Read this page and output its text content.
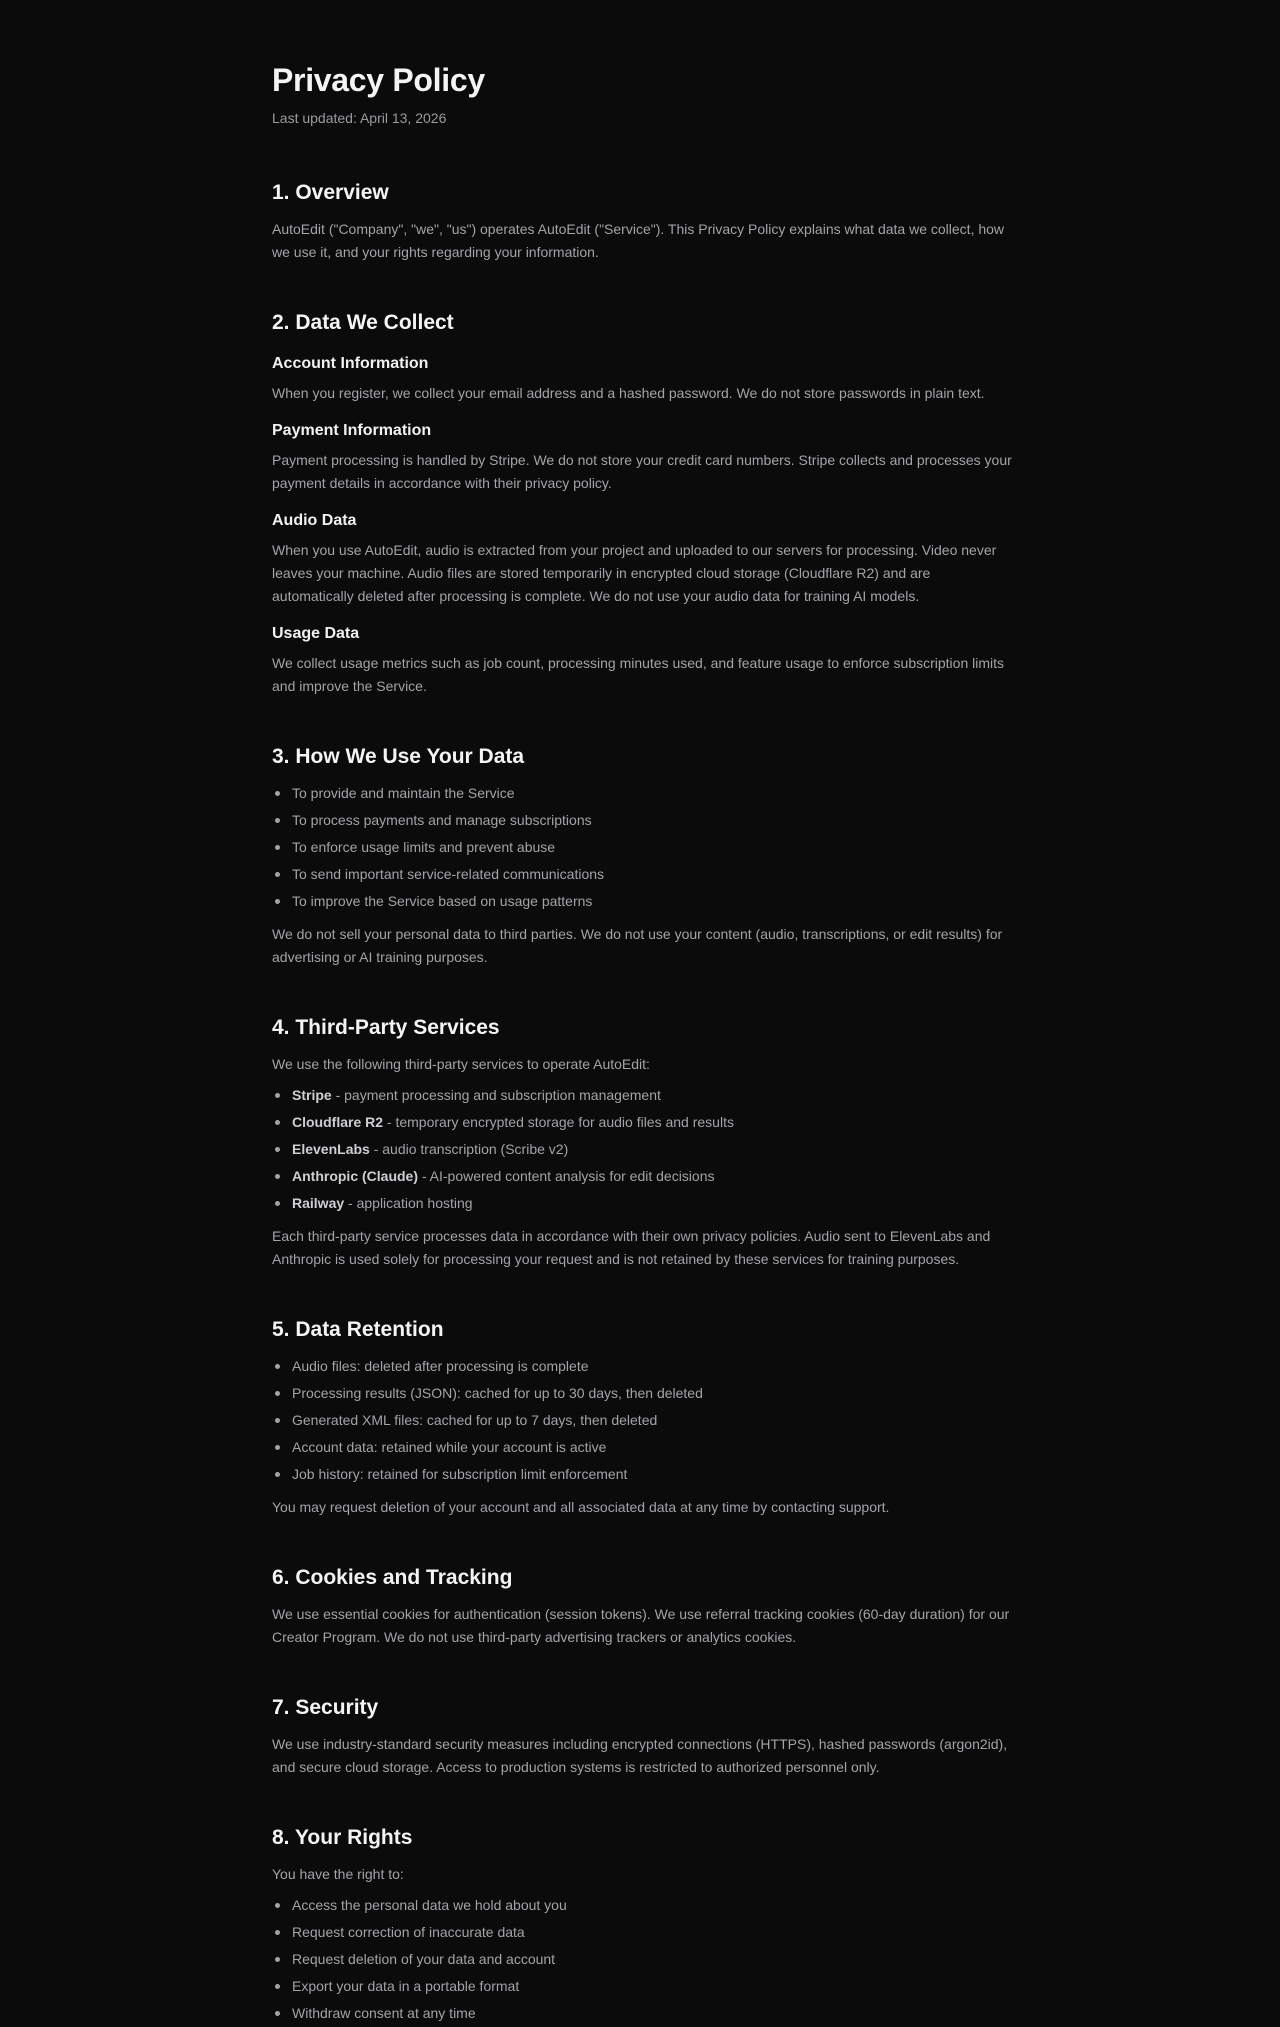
Privacy Policy
Last updated: April 13, 2026
1. Overview

AutoEdit ("Company", "we", "us") operates AutoEdit ("Service"). This Privacy Policy explains what data we collect, how we use it, and your rights regarding your information.

2. Data We Collect
Account Information

When you register, we collect your email address and a hashed password. We do not store passwords in plain text.

Payment Information

Payment processing is handled by Stripe. We do not store your credit card numbers. Stripe collects and processes your payment details in accordance with their privacy policy.

Audio Data

When you use AutoEdit, audio is extracted from your project and uploaded to our servers for processing. Video never leaves your machine. Audio files are stored temporarily in encrypted cloud storage (Cloudflare R2) and are automatically deleted after processing is complete. We do not use your audio data for training AI models.

Usage Data

We collect usage metrics such as job count, processing minutes used, and feature usage to enforce subscription limits and improve the Service.

3. How We Use Your Data
To provide and maintain the Service
To process payments and manage subscriptions
To enforce usage limits and prevent abuse
To send important service-related communications
To improve the Service based on usage patterns

We do not sell your personal data to third parties. We do not use your content (audio, transcriptions, or edit results) for advertising or AI training purposes.

4. Third-Party Services

We use the following third-party services to operate AutoEdit:

Stripe - payment processing and subscription management
Cloudflare R2 - temporary encrypted storage for audio files and results
ElevenLabs - audio transcription (Scribe v2)
Anthropic (Claude) - AI-powered content analysis for edit decisions
Railway - application hosting

Each third-party service processes data in accordance with their own privacy policies. Audio sent to ElevenLabs and Anthropic is used solely for processing your request and is not retained by these services for training purposes.

5. Data Retention
Audio files: deleted after processing is complete
Processing results (JSON): cached for up to 30 days, then deleted
Generated XML files: cached for up to 7 days, then deleted
Account data: retained while your account is active
Job history: retained for subscription limit enforcement

You may request deletion of your account and all associated data at any time by contacting support.

6. Cookies and Tracking

We use essential cookies for authentication (session tokens). We use referral tracking cookies (60-day duration) for our Creator Program. We do not use third-party advertising trackers or analytics cookies.

7. Security

We use industry-standard security measures including encrypted connections (HTTPS), hashed passwords (argon2id), and secure cloud storage. Access to production systems is restricted to authorized personnel only.

8. Your Rights

You have the right to:

Access the personal data we hold about you
Request correction of inaccurate data
Request deletion of your data and account
Export your data in a portable format
Withdraw consent at any time
